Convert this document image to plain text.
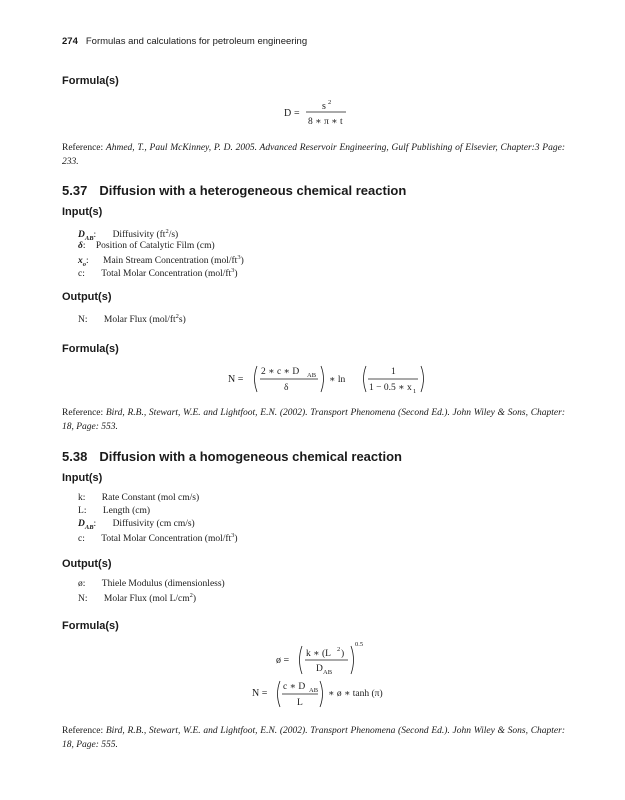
274 Formulas and calculations for petroleum engineering
Formula(s)
D =
s 2
8 ∗ π ∗ t
Reference: Ahmed, T., Paul McKinney, P. D. 2005. Advanced Reservoir Engineering, Gulf Publishing of Elsevier, Chapter:3 Page: 233.
5.37 Diffusion with a heterogeneous chemical reaction
Input(s)
$D_{AB}$: Diffusivity $(ft^2/s)$
δ: Position of Catalytic Film (cm)
$x_o$: Main Stream Concentration $(mol/ft^3)$
c: Total Molar Concentration $(mol/ft^3)$
Output(s)
N: Molar Flux $(mol/ft^2s)$
Formula(s)
N =
2 ∗ c ∗ D AB
δ
∗ ln
1
1 − 0.5 ∗ x 1
Reference: Bird, R.B., Stewart, W.E. and Lightfoot, E.N. (2002). Transport Phenomena (Second Ed.). John Wiley & Sons, Chapter: 18, Page: 553.
5.38 Diffusion with a homogeneous chemical reaction
Input(s)
k: Rate Constant (mol cm/s)
L: Length (cm)
$D_{AB}$: Diffusivity (cm cm/s)
c: Total Molar Concentration $(mol/ft^3)$
Output(s)
ø: Thiele Modulus (dimensionless)
N: Molar Flux (mol $L/cm^2$)
Formula(s)
ø =
k ∗ (L 2 )
D AB
0.5
N =
c ∗ D AB
L
∗ ø ∗ tanh (π)
Reference: Bird, R.B., Stewart, W.E. and Lightfoot, E.N. (2002). Transport Phenomena (Second Ed.). John Wiley & Sons, Chapter: 18, Page: 555.
